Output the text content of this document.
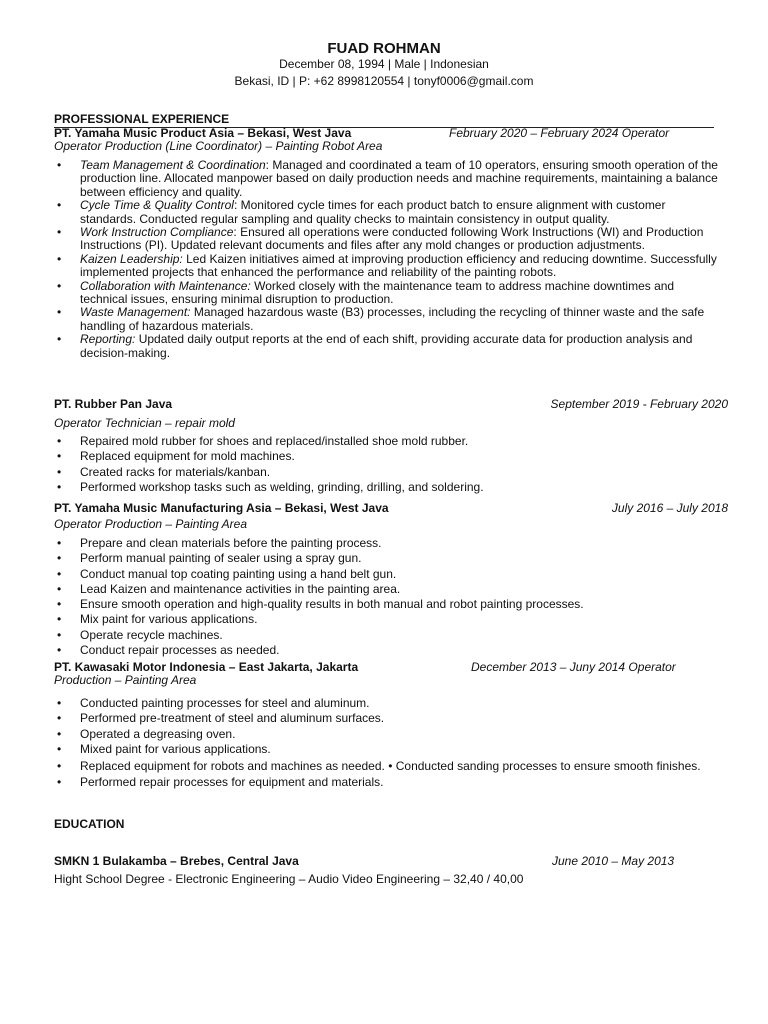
FUAD ROHMAN
December 08, 1994 | Male | Indonesian
Bekasi, ID | P: +62 8998120554 | tonyf0006@gmail.com
PROFESSIONAL EXPERIENCE
PT. Yamaha Music Product Asia – Bekasi, West Java	February 2020 – February 2024 Operator
Operator Production (Line Coordinator) – Painting Robot Area
• Team Management & Coordination: Managed and coordinated a team of 10 operators, ensuring smooth operation of the production line. Allocated manpower based on daily production needs and machine requirements, maintaining a balance between efficiency and quality.
• Cycle Time & Quality Control: Monitored cycle times for each product batch to ensure alignment with customer standards. Conducted regular sampling and quality checks to maintain consistency in output quality.
• Work Instruction Compliance: Ensured all operations were conducted following Work Instructions (WI) and Production Instructions (PI). Updated relevant documents and files after any mold changes or production adjustments.
• Kaizen Leadership: Led Kaizen initiatives aimed at improving production efficiency and reducing downtime. Successfully implemented projects that enhanced the performance and reliability of the painting robots.
• Collaboration with Maintenance: Worked closely with the maintenance team to address machine downtimes and technical issues, ensuring minimal disruption to production.
• Waste Management: Managed hazardous waste (B3) processes, including the recycling of thinner waste and the safe handling of hazardous materials.
• Reporting: Updated daily output reports at the end of each shift, providing accurate data for production analysis and decision-making.
PT. Rubber Pan Java	September 2019 - February 2020
Operator Technician – repair mold
• Repaired mold rubber for shoes and replaced/installed shoe mold rubber.
• Replaced equipment for mold machines.
• Created racks for materials/kanban.
• Performed workshop tasks such as welding, grinding, drilling, and soldering.
PT. Yamaha Music Manufacturing Asia – Bekasi, West Java	July 2016 – July 2018
Operator Production – Painting Area
• Prepare and clean materials before the painting process.
• Perform manual painting of sealer using a spray gun.
• Conduct manual top coating painting using a hand belt gun.
• Lead Kaizen and maintenance activities in the painting area.
• Ensure smooth operation and high-quality results in both manual and robot painting processes.
• Mix paint for various applications.
• Operate recycle machines.
• Conduct repair processes as needed.
PT. Kawasaki Motor Indonesia – East Jakarta, Jakarta	December 2013 – Juny 2014 Operator
Production – Painting Area
• Conducted painting processes for steel and aluminum.
• Performed pre-treatment of steel and aluminum surfaces.
• Operated a degreasing oven.
• Mixed paint for various applications.
• Replaced equipment for robots and machines as needed. • Conducted sanding processes to ensure smooth finishes.
• Performed repair processes for equipment and materials.
EDUCATION
SMKN 1 Bulakamba – Brebes, Central Java	June 2010 – May 2013
Hight School Degree - Electronic Engineering – Audio Video Engineering – 32,40 / 40,00
